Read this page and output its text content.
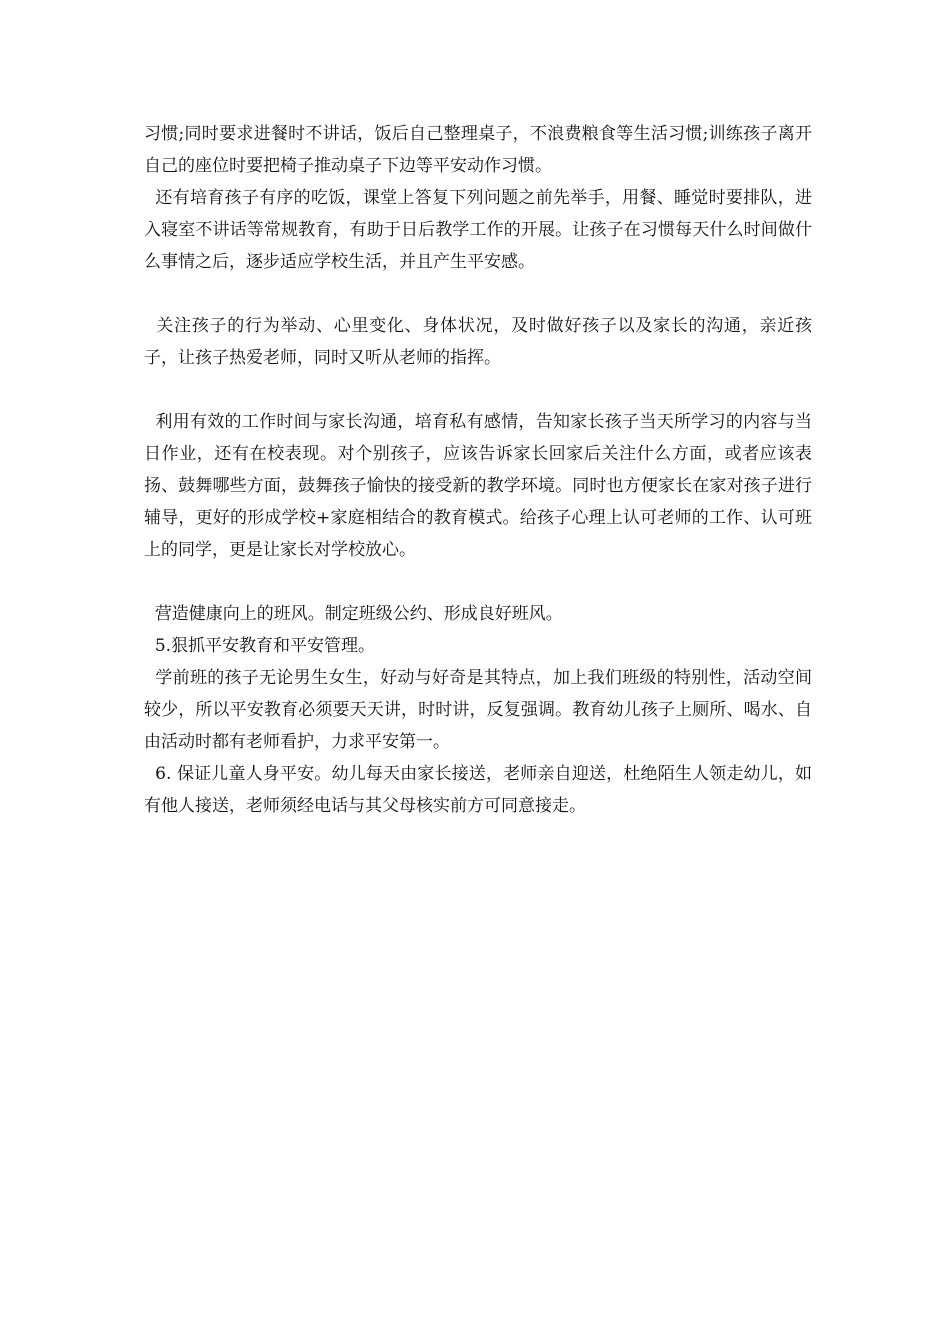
习惯;同时要求进餐时不讲话，饭后自己整理桌子，不浪费粮食等生活习惯;训练孩子离开自己的座位时要把椅子推动桌子下边等平安动作习惯。

还有培育孩子有序的吃饭，课堂上答复下列问题之前先举手，用餐、睡觉时要排队，进入寝室不讲话等常规教育，有助于日后教学工作的开展。让孩子在习惯每天什么时间做什么事情之后，逐步适应学校生活，并且产生平安感。

关注孩子的行为举动、心里变化、身体状况，及时做好孩子以及家长的沟通，亲近孩子，让孩子热爱老师，同时又听从老师的指挥。

利用有效的工作时间与家长沟通，培育私有感情，告知家长孩子当天所学习的内容与当日作业，还有在校表现。对个别孩子，应该告诉家长回家后关注什么方面，或者应该表扬、鼓舞哪些方面，鼓舞孩子愉快的接受新的教学环境。同时也方便家长在家对孩子进行辅导，更好的形成学校+家庭相结合的教育模式。给孩子心理上认可老师的工作、认可班上的同学，更是让家长对学校放心。

营造健康向上的班风。制定班级公约、形成良好班风。

5.狠抓平安教育和平安管理。

学前班的孩子无论男生女生，好动与好奇是其特点，加上我们班级的特别性，活动空间较少，所以平安教育必须要天天讲，时时讲，反复强调。教育幼儿孩子上厕所、喝水、自由活动时都有老师看护，力求平安第一。

6. 保证儿童人身平安。幼儿每天由家长接送，老师亲自迎送，杜绝陌生人领走幼儿，如有他人接送，老师须经电话与其父母核实前方可同意接走。
